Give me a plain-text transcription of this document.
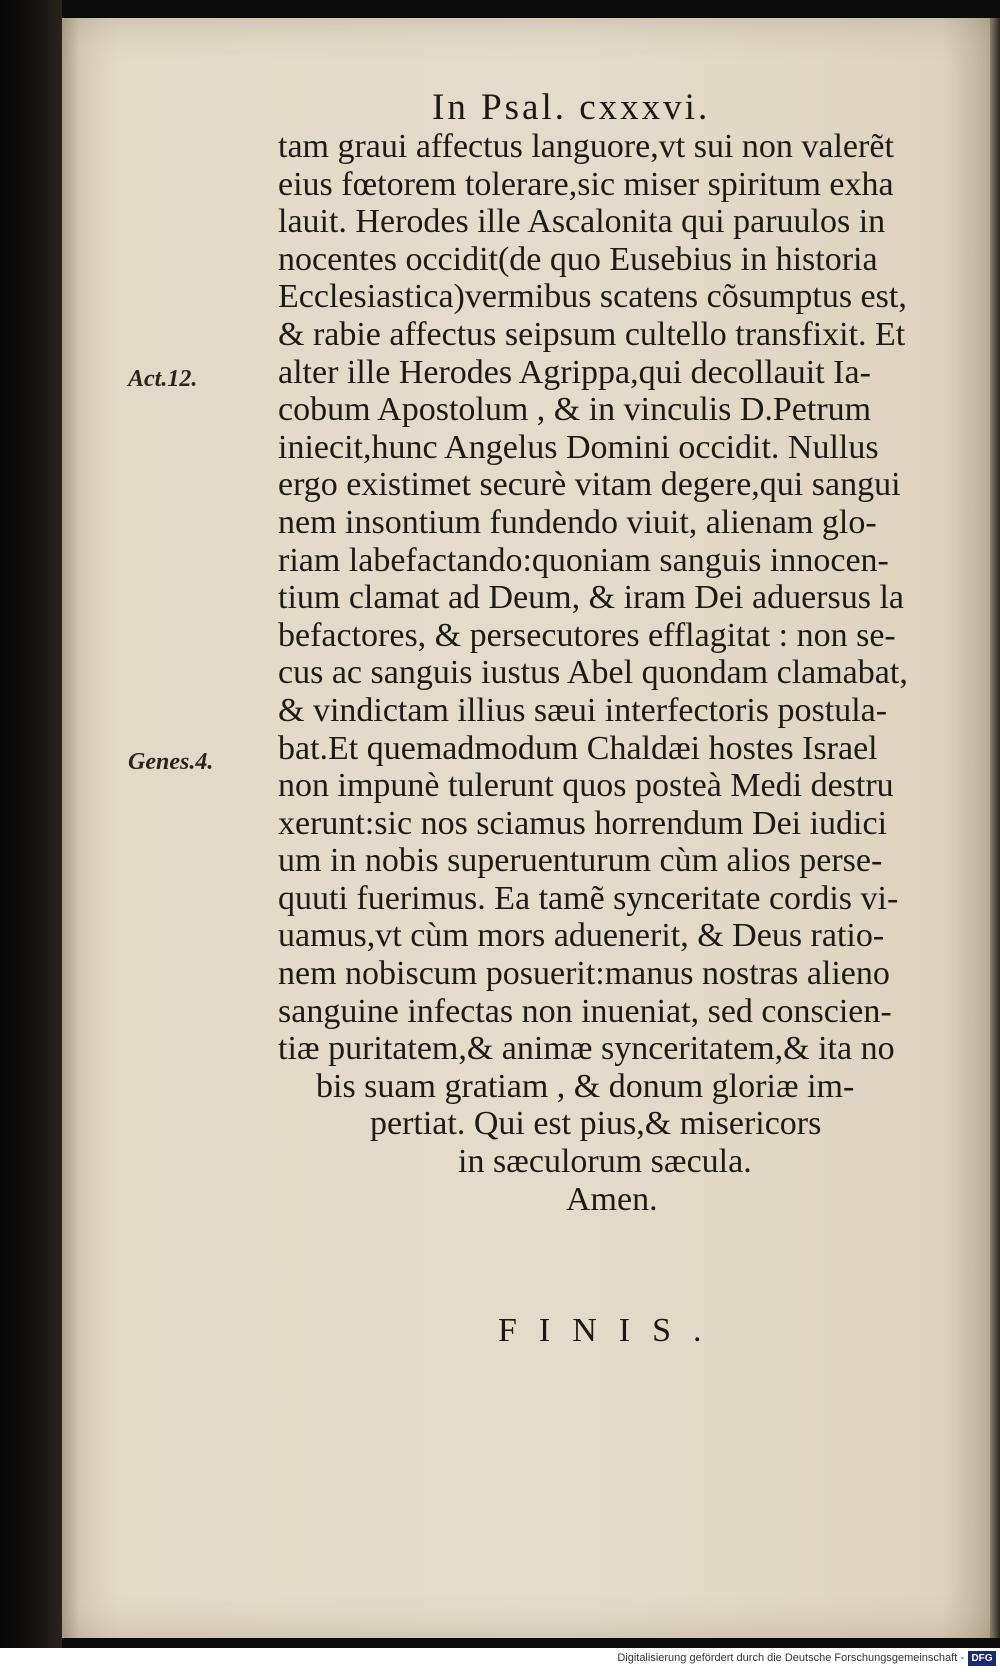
In Psal. cxxxvi.
Act.12.
Genes.4.
tam graui affectus languore,vt sui non valerẽt
eius fœtorem tolerare,sic miser spiritum exha
lauit. Herodes ille Ascalonita qui paruulos in
nocentes occidit(de quo Eusebius in historia
Ecclesiastica)vermibus scatens cõsumptus est,
& rabie affectus seipsum cultello transfixit. Et
alter ille Herodes Agrippa,qui decollauit Ia-
cobum Apostolum , & in vinculis D.Petrum
iniecit,hunc Angelus Domini occidit. Nullus
ergo existimet securè vitam degere,qui sangui
nem insontium fundendo viuit, alienam glo-
riam labefactando:quoniam sanguis innocen-
tium clamat ad Deum, & iram Dei aduersus la
befactores, & persecutores efflagitat : non se-
cus ac sanguis iustus Abel quondam clamabat,
& vindictam illius sæui interfectoris postula-
bat.Et quemadmodum Chaldæi hostes Israel
non impunè tulerunt quos posteà Medi destru
xerunt:sic nos sciamus horrendum Dei iudici
um in nobis superuenturum cùm alios perse-
quuti fuerimus. Ea tamẽ synceritate cordis vi-
uamus,vt cùm mors aduenerit, & Deus ratio-
nem nobiscum posuerit:manus nostras alieno
sanguine infectas non inueniat, sed conscien-
tiæ puritatem,& animæ synceritatem,& ita no
bis suam gratiam , & donum gloriæ im-
pertiat. Qui est pius,& misericors
in sæculorum sæcula.
Amen.
FINIS.
Digitalisierung gefördert durch die Deutsche Forschungsgemeinschaft - DFG
